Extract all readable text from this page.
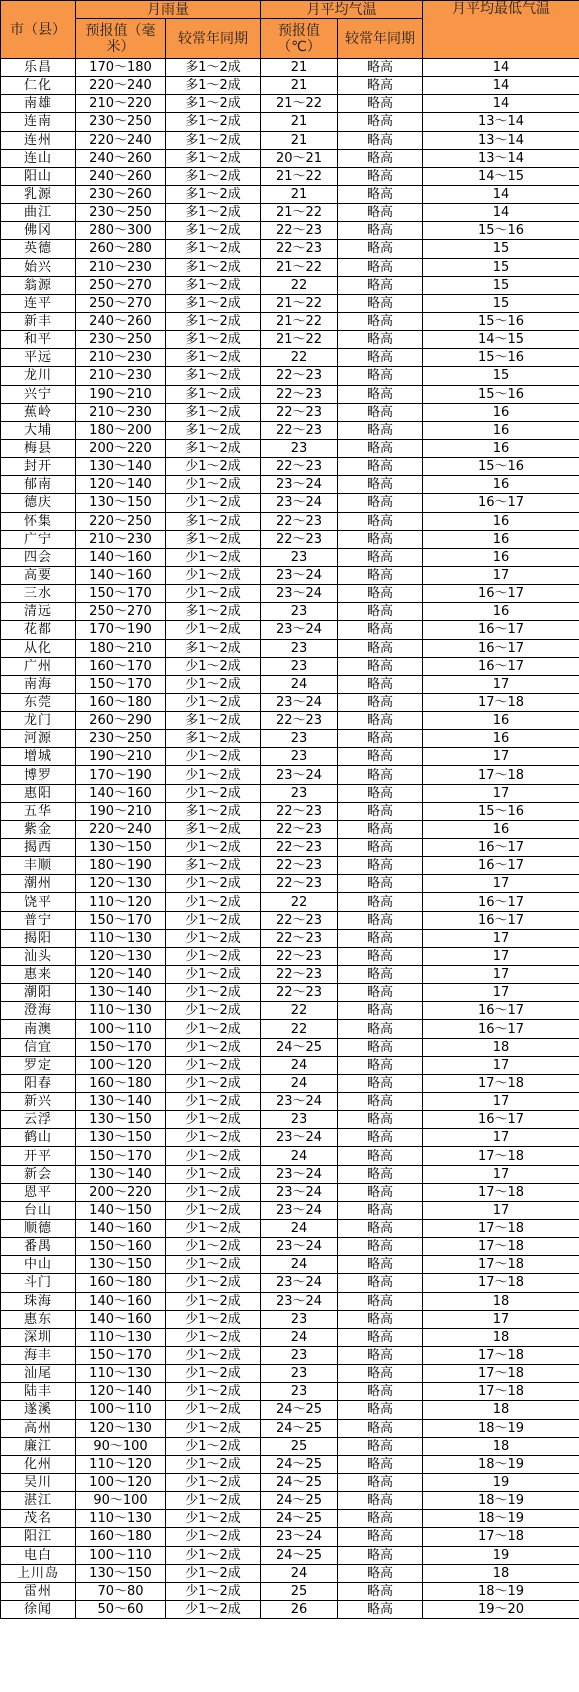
市（县）	月雨量		月平均气温		月平均最低气温
	预报值（毫米）	较常年同期	预报值（℃）	较常年同期	
乐昌	170～180	多1～2成	21	略高	14
仁化	220～240	多1～2成	21	略高	14
南雄	210～220	多1～2成	21～22	略高	14
连南	230～250	多1～2成	21	略高	13～14
连州	220～240	多1～2成	21	略高	13～14
连山	240～260	多1～2成	20～21	略高	13～14
阳山	240～260	多1～2成	21～22	略高	14～15
乳源	230～260	多1～2成	21	略高	14
曲江	230～250	多1～2成	21～22	略高	14
佛冈	280～300	多1～2成	22～23	略高	15～16
英德	260～280	多1～2成	22～23	略高	15
始兴	210～230	多1～2成	21～22	略高	15
翁源	250～270	多1～2成	22	略高	15
连平	250～270	多1～2成	21～22	略高	15
新丰	240～260	多1～2成	21～22	略高	15～16
和平	230～250	多1～2成	21～22	略高	14～15
平远	210～230	多1～2成	22	略高	15～16
龙川	210～230	多1～2成	22～23	略高	15
兴宁	190～210	多1～2成	22～23	略高	15～16
蕉岭	210～230	多1～2成	22～23	略高	16
大埔	180～200	多1～2成	22～23	略高	16
梅县	200～220	多1～2成	23	略高	16
封开	130～140	少1～2成	22～23	略高	15～16
郁南	120～140	少1～2成	23～24	略高	16
德庆	130～150	少1～2成	23～24	略高	16～17
怀集	220～250	多1～2成	22～23	略高	16
广宁	210～230	多1～2成	22～23	略高	16
四会	140～160	少1～2成	23	略高	16
高要	140～160	少1～2成	23～24	略高	17
三水	150～170	少1～2成	23～24	略高	16～17
清远	250～270	多1～2成	23	略高	16
花都	170～190	少1～2成	23～24	略高	16～17
从化	180～210	多1～2成	23	略高	16～17
广州	160～170	少1～2成	23	略高	16～17
南海	150～170	少1～2成	24	略高	17
东莞	160～180	少1～2成	23～24	略高	17～18
龙门	260～290	多1～2成	22～23	略高	16
河源	230～250	多1～2成	23	略高	16
增城	190～210	少1～2成	23	略高	17
博罗	170～190	少1～2成	23～24	略高	17～18
惠阳	140～160	少1～2成	23	略高	17
五华	190～210	多1～2成	22～23	略高	15～16
紫金	220～240	多1～2成	22～23	略高	16
揭西	130～150	少1～2成	22～23	略高	16～17
丰顺	180～190	多1～2成	22～23	略高	16～17
潮州	120～130	少1～2成	22～23	略高	17
饶平	110～120	少1～2成	22	略高	16～17
普宁	150～170	少1～2成	22～23	略高	16～17
揭阳	110～130	少1～2成	22～23	略高	17
汕头	120～130	少1～2成	22～23	略高	17
惠来	120～140	少1～2成	22～23	略高	17
潮阳	130～140	少1～2成	22～23	略高	17
澄海	110～130	少1～2成	22	略高	16～17
南澳	100～110	少1～2成	22	略高	16～17
信宜	150～170	少1～2成	24～25	略高	18
罗定	100～120	少1～2成	24	略高	17
阳春	160～180	少1～2成	24	略高	17～18
新兴	130～140	少1～2成	23～24	略高	17
云浮	130～150	少1～2成	23	略高	16～17
鹤山	130～150	少1～2成	23～24	略高	17
开平	150～170	少1～2成	24	略高	17～18
新会	130～140	少1～2成	23～24	略高	17
恩平	200～220	少1～2成	23～24	略高	17～18
台山	140～150	少1～2成	23～24	略高	17
顺德	140～160	少1～2成	24	略高	17～18
番禺	150～160	少1～2成	23～24	略高	17～18
中山	130～150	少1～2成	24	略高	17～18
斗门	160～180	少1～2成	23～24	略高	17～18
珠海	140～160	少1～2成	23～24	略高	18
惠东	140～160	少1～2成	23	略高	17
深圳	110～130	少1～2成	24	略高	18
海丰	150～170	少1～2成	23	略高	17～18
汕尾	110～130	少1～2成	23	略高	17～18
陆丰	120～140	少1～2成	23	略高	17～18
遂溪	100～110	少1～2成	24～25	略高	18
高州	120～130	少1～2成	24～25	略高	18～19
廉江	90～100	少1～2成	25	略高	18
化州	110～120	少1～2成	24～25	略高	18～19
吴川	100～120	少1～2成	24～25	略高	19
湛江	90～100	少1～2成	24～25	略高	18～19
茂名	110～130	少1～2成	24～25	略高	18～19
阳江	160～180	少1～2成	23～24	略高	17～18
电白	100～110	少1～2成	24～25	略高	19
上川岛	130～150	少1～2成	24	略高	18
雷州	70～80	少1～2成	25	略高	18～19
徐闻	50～60	少1～2成	26	略高	19～20
